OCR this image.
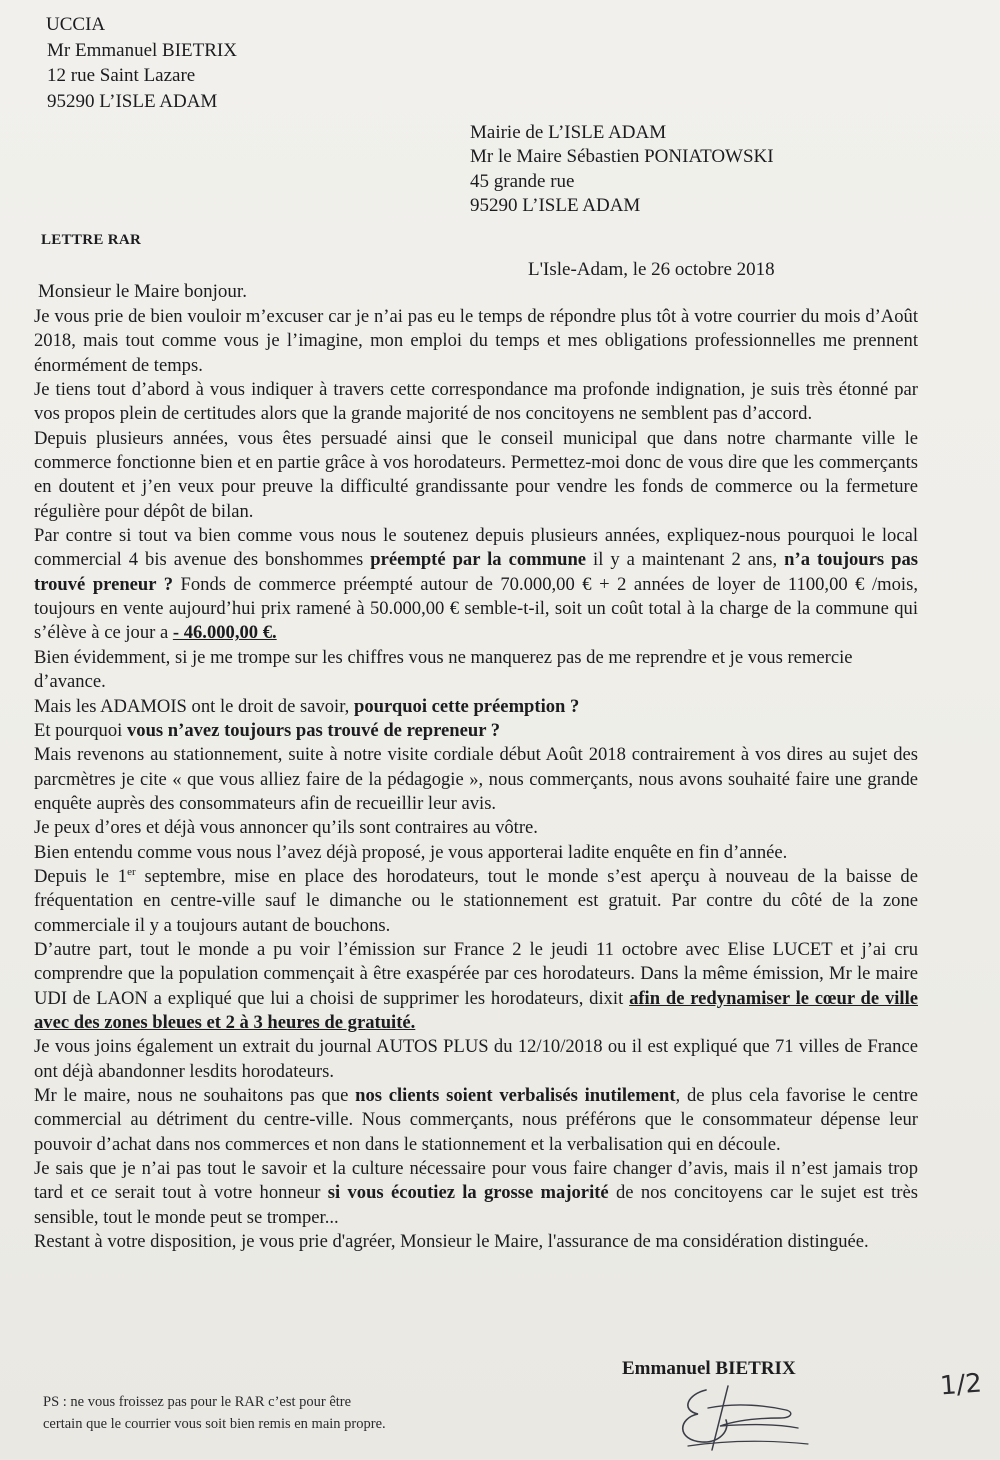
UCCIA
Mr Emmanuel BIETRIX
12 rue Saint Lazare
95290 L’ISLE ADAM
Mairie de L’ISLE ADAM
Mr le Maire Sébastien PONIATOWSKI
45 grande rue
95290 L’ISLE ADAM
LETTRE RAR
L'Isle-Adam, le 26 octobre 2018
Monsieur le Maire bonjour.

Je vous prie de bien vouloir m’excuser car je n’ai pas eu le temps de répondre plus tôt à votre courrier du mois d’Août 2018, mais tout comme vous je l’imagine, mon emploi du temps et mes obligations professionnelles me prennent énormément de temps.

Je tiens tout d’abord à vous indiquer à travers cette correspondance ma profonde indignation, je suis très étonné par vos propos plein de certitudes alors que la grande majorité de nos concitoyens ne semblent pas d’accord.

Depuis plusieurs années, vous êtes persuadé ainsi que le conseil municipal que dans notre charmante ville le commerce fonctionne bien et en partie grâce à vos horodateurs. Permettez-moi donc de vous dire que les commerçants en doutent et j’en veux pour preuve la difficulté grandissante pour vendre les fonds de commerce ou la fermeture régulière pour dépôt de bilan.

Par contre si tout va bien comme vous nous le soutenez depuis plusieurs années, expliquez-nous pourquoi le local commercial 4 bis avenue des bonshommes préempté par la commune il y a maintenant 2 ans, n’a toujours pas trouvé preneur ? Fonds de commerce préempté autour de 70.000,00 € + 2 années de loyer de 1100,00 € /mois, toujours en vente aujourd’hui prix ramené à 50.000,00 € semble-t-il, soit un coût total à la charge de la commune qui s’élève à ce jour a - 46.000,00 €.

Bien évidemment, si je me trompe sur les chiffres vous ne manquerez pas de me reprendre et je vous remercie d’avance.

Mais les ADAMOIS ont le droit de savoir, pourquoi cette préemption ?

Et pourquoi vous n’avez toujours pas trouvé de repreneur ?

Mais revenons au stationnement, suite à notre visite cordiale début Août 2018 contrairement à vos dires au sujet des parcmètres je cite « que vous alliez faire de la pédagogie », nous commerçants, nous avons souhaité faire une grande enquête auprès des consommateurs afin de recueillir leur avis.

Je peux d’ores et déjà vous annoncer qu’ils sont contraires au vôtre.

Bien entendu comme vous nous l’avez déjà proposé, je vous apporterai ladite enquête en fin d’année.

Depuis le 1er septembre, mise en place des horodateurs, tout le monde s’est aperçu à nouveau de la baisse de fréquentation en centre-ville sauf le dimanche ou le stationnement est gratuit. Par contre du côté de la zone commerciale il y a toujours autant de bouchons.

D’autre part, tout le monde a pu voir l’émission sur France 2 le jeudi 11 octobre avec Elise LUCET et j’ai cru comprendre que la population commençait à être exaspérée par ces horodateurs. Dans la même émission, Mr le maire UDI de LAON a expliqué que lui a choisi de supprimer les horodateurs, dixit afin de redynamiser le cœur de ville avec des zones bleues et 2 à 3 heures de gratuité.

Je vous joins également un extrait du journal AUTOS PLUS du 12/10/2018 ou il est expliqué que 71 villes de France ont déjà abandonner lesdits horodateurs.

Mr le maire, nous ne souhaitons pas que nos clients soient verbalisés inutilement, de plus cela favorise le centre commercial au détriment du centre-ville. Nous commerçants, nous préférons que le consommateur dépense leur pouvoir d’achat dans nos commerces et non dans le stationnement et la verbalisation qui en découle.

Je sais que je n’ai pas tout le savoir et la culture nécessaire pour vous faire changer d’avis, mais il n’est jamais trop tard et ce serait tout à votre honneur si vous écoutiez la grosse majorité de nos concitoyens car le sujet est très sensible, tout le monde peut se tromper...

Restant à votre disposition, je vous prie d'agréer, Monsieur le Maire, l'assurance de ma considération distinguée.

Emmanuel BIETRIX
PS : ne vous froissez pas pour le RAR c’est pour être
certain que le courrier vous soit bien remis en main propre.
1/2
